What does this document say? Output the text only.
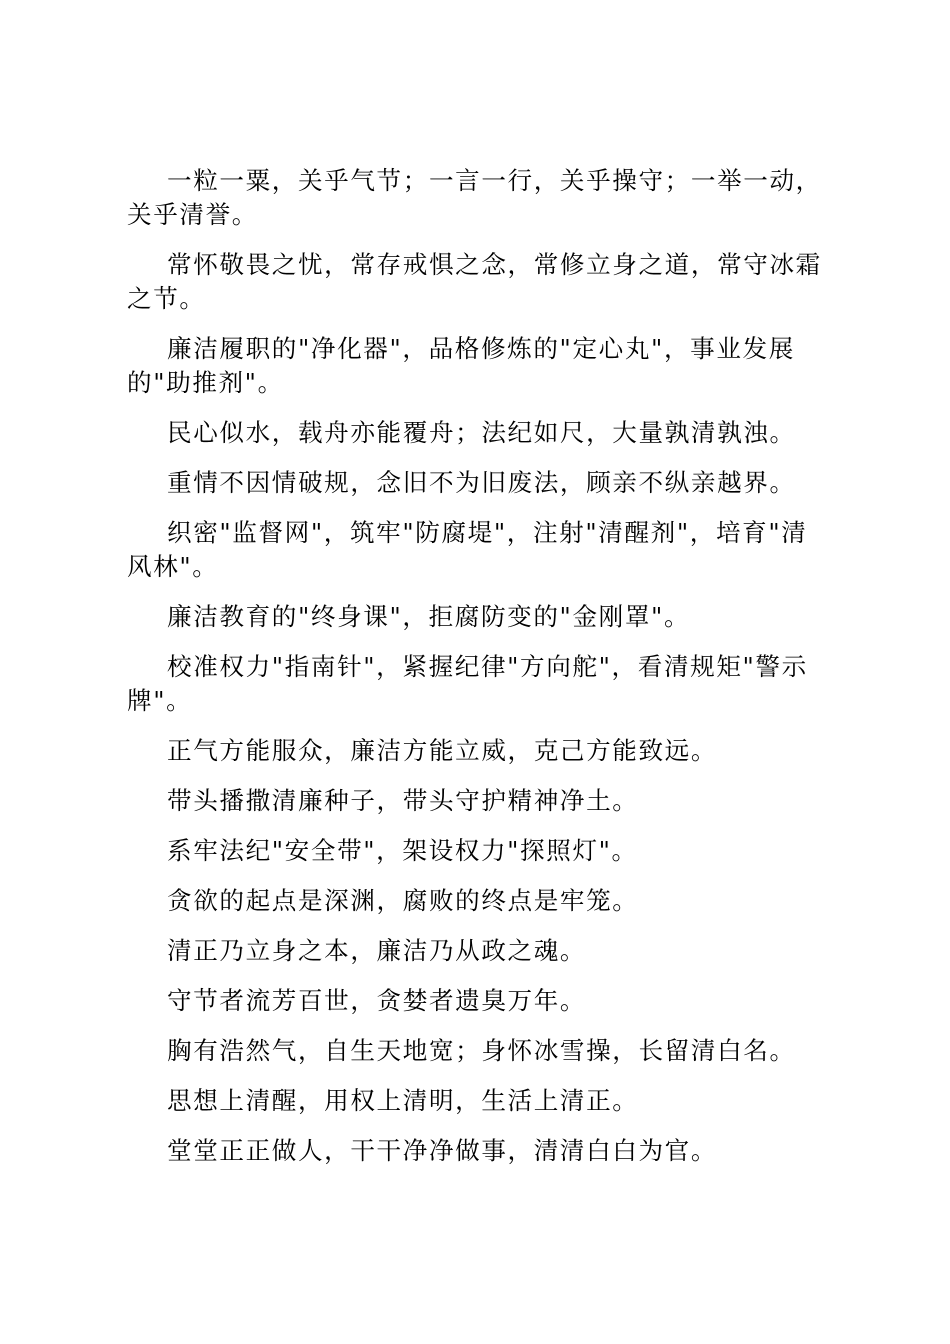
一粒一粟，关乎气节；一言一行，关乎操守；一举一动，关乎清誉。

常怀敬畏之忧，常存戒惧之念，常修立身之道，常守冰霜之节。

廉洁履职的"净化器"，品格修炼的"定心丸"，事业发展的"助推剂"。

民心似水，载舟亦能覆舟；法纪如尺，大量孰清孰浊。

重情不因情破规，念旧不为旧废法，顾亲不纵亲越界。

织密"监督网"，筑牢"防腐堤"，注射"清醒剂"，培育"清风林"。

廉洁教育的"终身课"，拒腐防变的"金刚罩"。

校准权力"指南针"，紧握纪律"方向舵"，看清规矩"警示牌"。

正气方能服众，廉洁方能立威，克己方能致远。

带头播撒清廉种子，带头守护精神净土。

系牢法纪"安全带"，架设权力"探照灯"。

贪欲的起点是深渊，腐败的终点是牢笼。

清正乃立身之本，廉洁乃从政之魂。

守节者流芳百世，贪婪者遗臭万年。

胸有浩然气，自生天地宽；身怀冰雪操，长留清白名。

思想上清醒，用权上清明，生活上清正。

堂堂正正做人，干干净净做事，清清白白为官。
